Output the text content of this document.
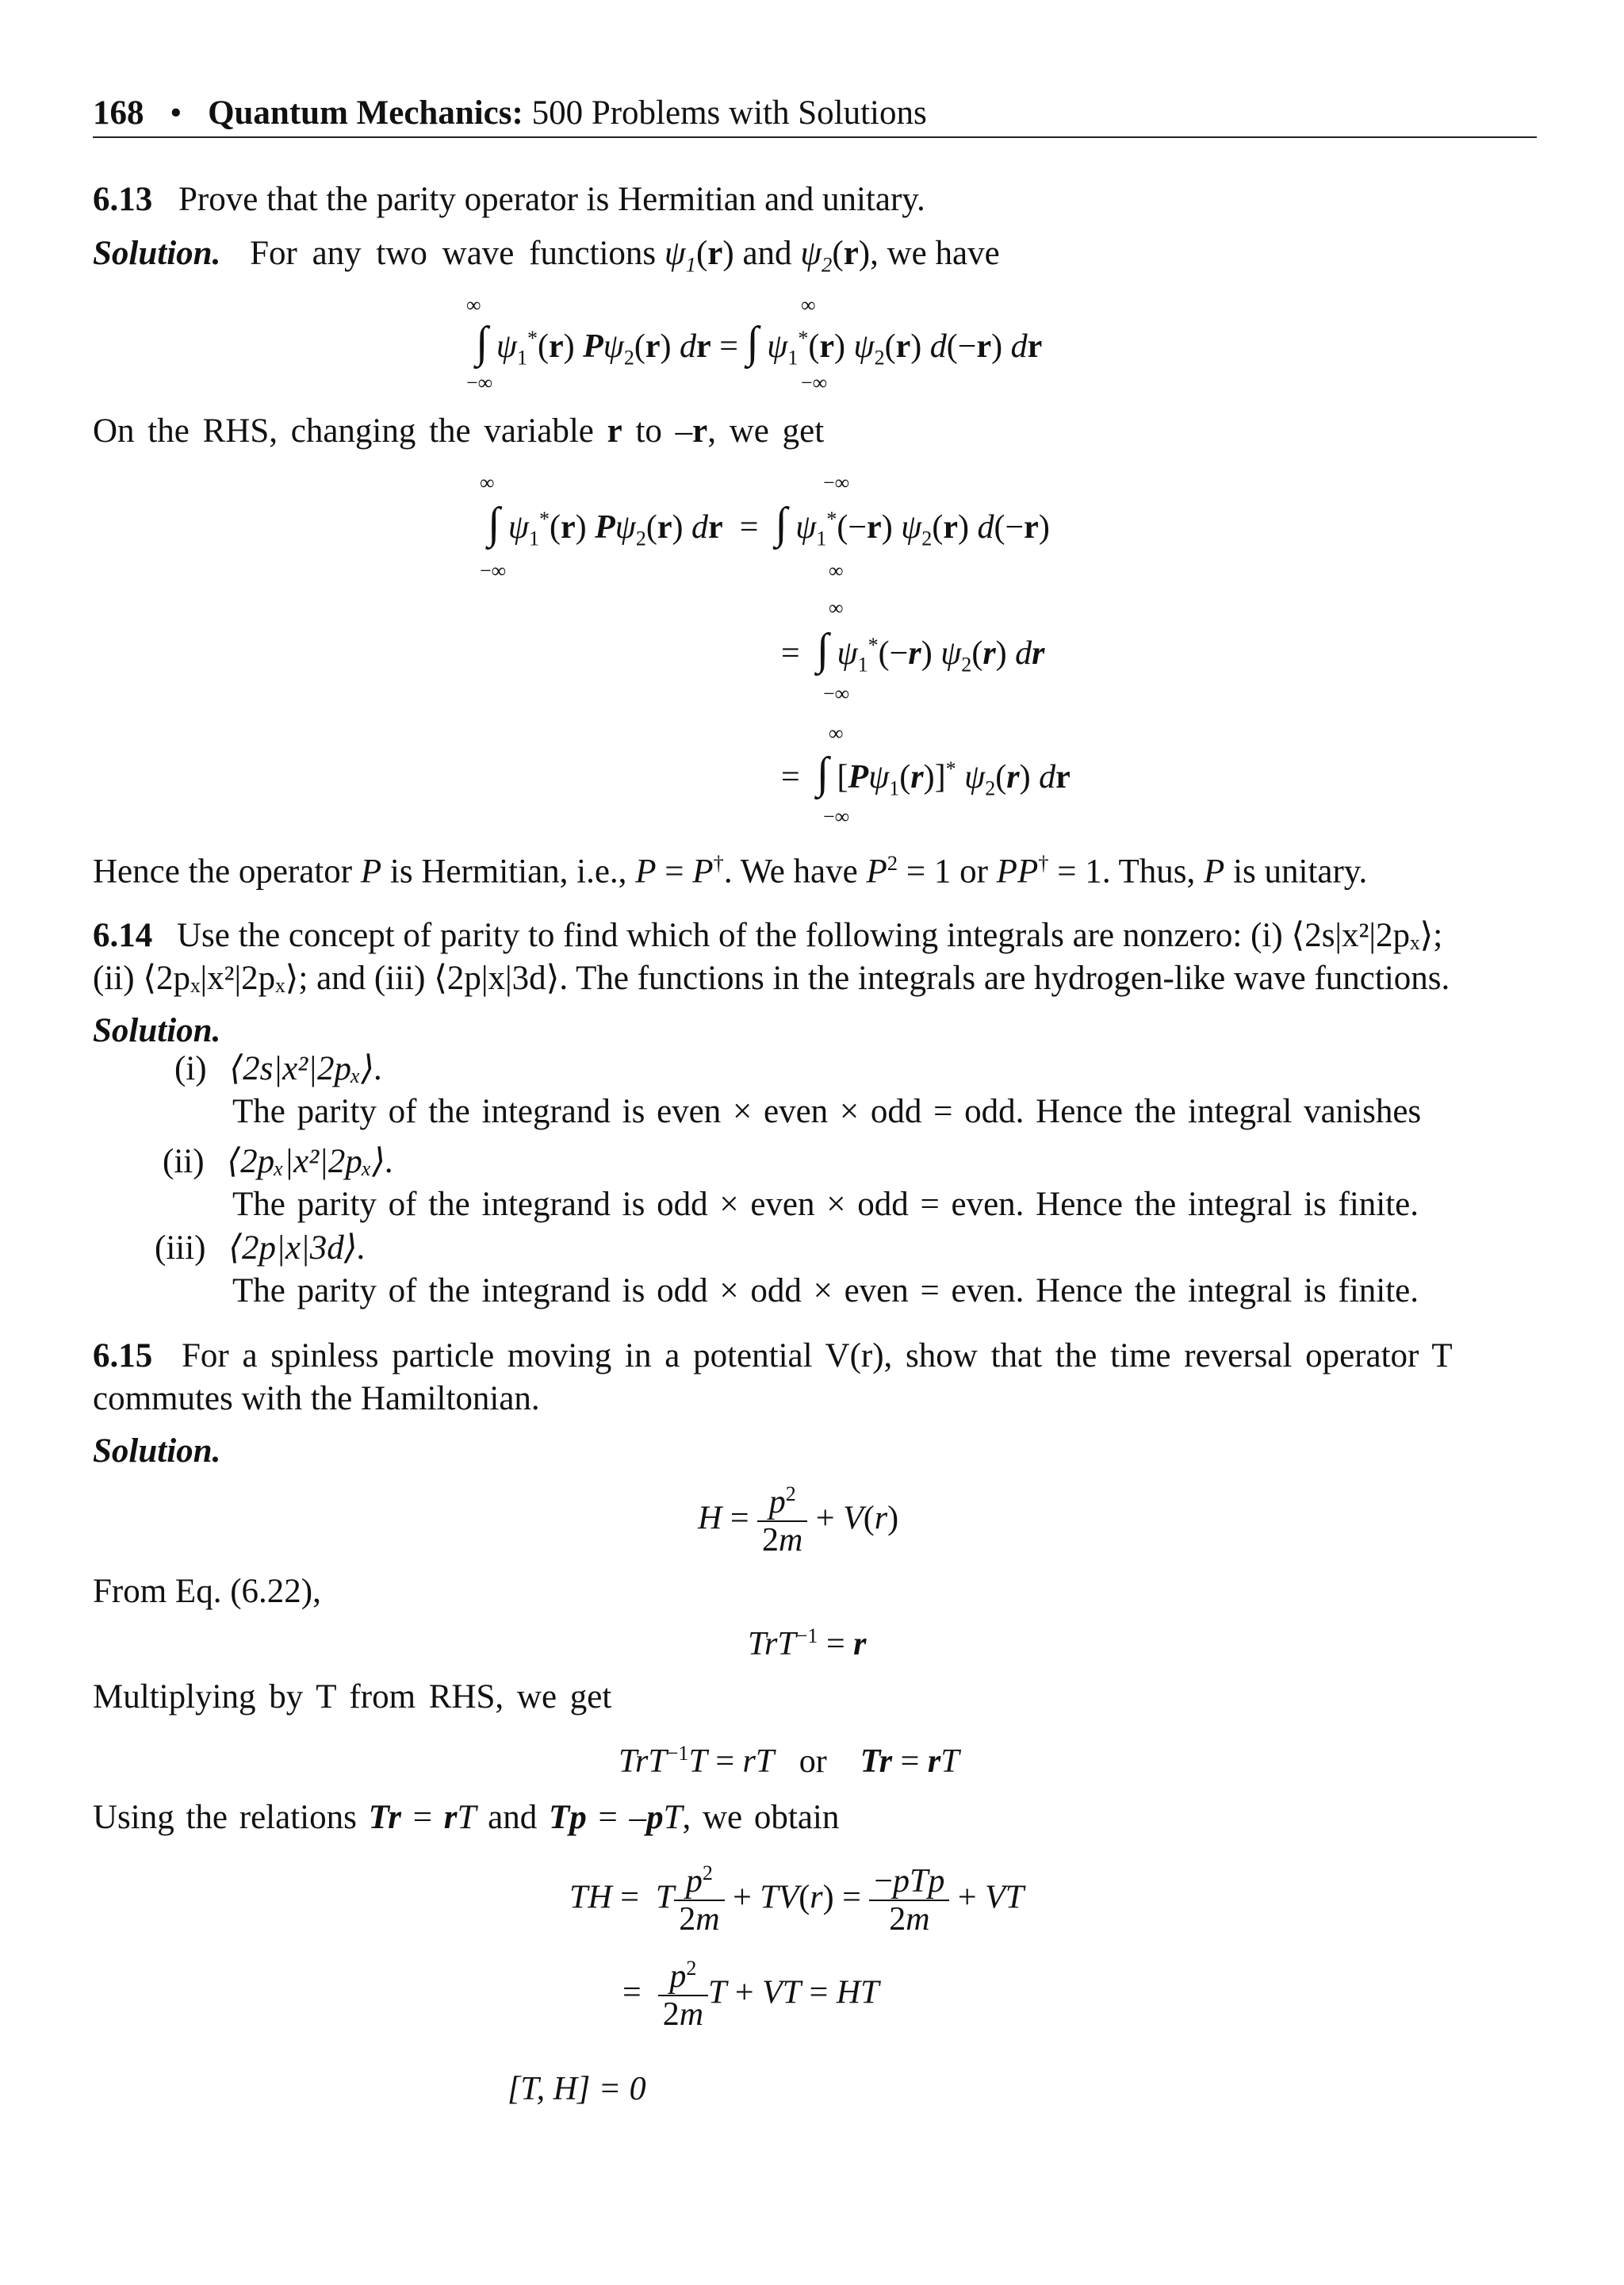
168 • Quantum Mechanics: 500 Problems with Solutions
6.13 Prove that the parity operator is Hermitian and unitary.
Solution. For any two wave functions $\psi_1(r)$ and $\psi_2(r)$, we have
∞
−∞
∞
−∞
∫ $\psi_1^*(r)$ $P\psi_2(r)$ dr = ∫ $\psi_1^*(r)$ $\psi_2(r)$ d(−r) dr
On the RHS, changing the variable r to –r, we get
∞
−∞
−∞
∞
∫ $\psi_1^*(r)$ $P\psi_2(r)$ dr  =  ∫ $\psi_1^*(-r)$ $\psi_2(r)$ d(−r)
∞
−∞
=  ∫ $\psi_1^*(-r)$ $\psi_2(r)$ dr
∞
−∞
=  ∫ $[P\psi_1(r)]^*$ $\psi_2(r)$ dr
Hence the operator P is Hermitian, i.e., P = P†. We have $P^2 = 1$ or PP† = 1. Thus, P is unitary.
6.14 Use the concept of parity to find which of the following integrals are nonzero: (i) ⟨2s|x²|2pₓ⟩;
(ii) ⟨2pₓ|x²|2pₓ⟩; and (iii) ⟨2p|x|3d⟩. The functions in the integrals are hydrogen-like wave functions.
Solution.
(i) ⟨2s|x²|2pₓ⟩.
The parity of the integrand is even × even × odd = odd. Hence the integral vanishes
(ii) ⟨2pₓ|x²|2pₓ⟩.
The parity of the integrand is odd × even × odd = even. Hence the integral is finite.
(iii) ⟨2p|x|3d⟩.
The parity of the integrand is odd × odd × even = even. Hence the integral is finite.
6.15 For a spinless particle moving in a potential V(r), show that the time reversal operator T
commutes with the Hamiltonian.
Solution.
$H = \frac{p^2}{2m} + V(r)$
From Eq. (6.22),
TrT$^{-1}$ = r
Multiplying by T from RHS, we get
TrT$^{-1}$T = rT or Tr = rT
Using the relations Tr = rT and Tp = –pT, we obtain
TH =  T $\frac{p^2}{2m} + TV(r) = \frac{\text{−pTp}}{2m}$ + VT
= $\frac{p^2}{2m}$ T + VT = HT
[T, H] = 0
